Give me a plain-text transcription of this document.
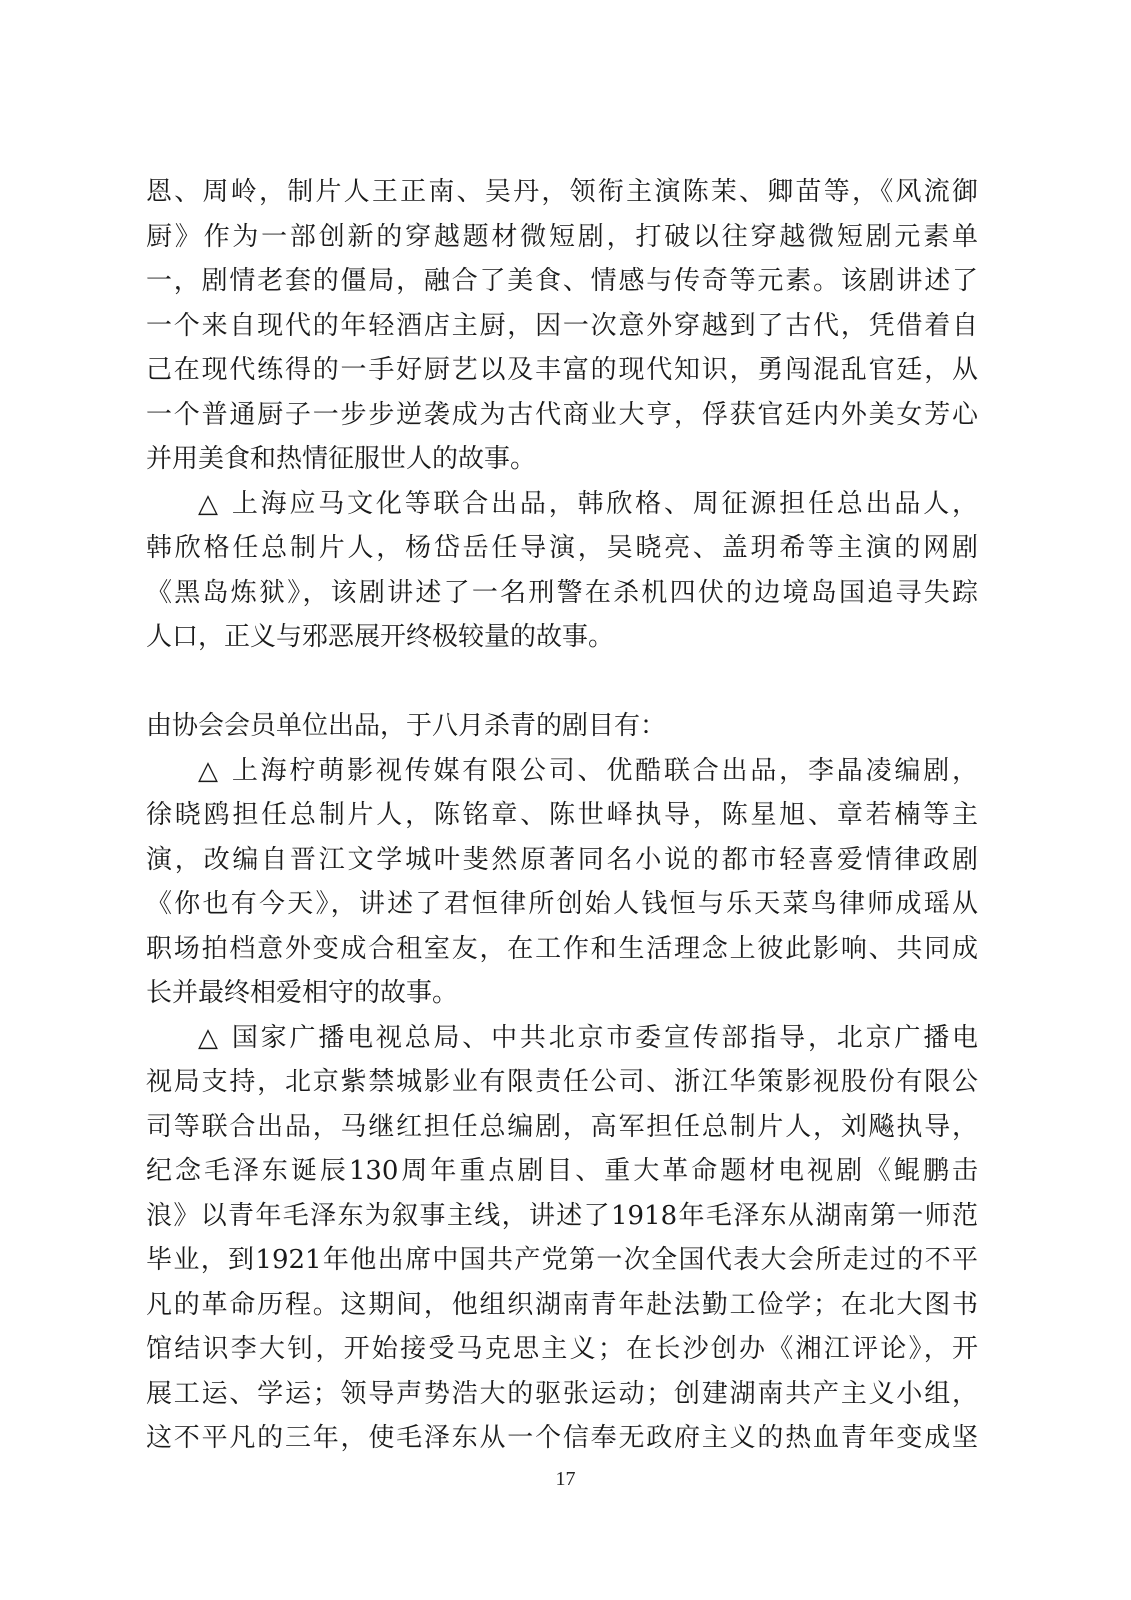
恩、周岭，制片人王正南、吴丹，领衔主演陈茉、卿苗等，《风流御
厨》作为一部创新的穿越题材微短剧，打破以往穿越微短剧元素单
一，剧情老套的僵局，融合了美食、情感与传奇等元素。该剧讲述了
一个来自现代的年轻酒店主厨，因一次意外穿越到了古代，凭借着自
己在现代练得的一手好厨艺以及丰富的现代知识，勇闯混乱官廷，从
一个普通厨子一步步逆袭成为古代商业大亨，俘获官廷内外美女芳心
并用美食和热情征服世人的故事。
△ 上海应马文化等联合出品，韩欣格、周征源担任总出品人，
韩欣格任总制片人，杨岱岳任导演，吴晓亮、盖玥希等主演的网剧
《黑岛炼狱》，该剧讲述了一名刑警在杀机四伏的边境岛国追寻失踪
人口，正义与邪恶展开终极较量的故事。
由协会会员单位出品，于八月杀青的剧目有：
△ 上海柠萌影视传媒有限公司、优酷联合出品，李晶凌编剧，
徐晓鸥担任总制片人，陈铭章、陈世峄执导，陈星旭、章若楠等主
演，改编自晋江文学城叶斐然原著同名小说的都市轻喜爱情律政剧
《你也有今天》，讲述了君恒律所创始人钱恒与乐天菜鸟律师成瑶从
职场拍档意外变成合租室友，在工作和生活理念上彼此影响、共同成
长并最终相爱相守的故事。
△ 国家广播电视总局、中共北京市委宣传部指导，北京广播电
视局支持，北京紫禁城影业有限责任公司、浙江华策影视股份有限公
司等联合出品，马继红担任总编剧，高军担任总制片人，刘飚执导，
纪念毛泽东诞辰130周年重点剧目、重大革命题材电视剧《鲲鹏击
浪》以青年毛泽东为叙事主线，讲述了1918年毛泽东从湖南第一师范
毕业，到1921年他出席中国共产党第一次全国代表大会所走过的不平
凡的革命历程。这期间，他组织湖南青年赴法勤工俭学；在北大图书
馆结识李大钊，开始接受马克思主义；在长沙创办《湘江评论》，开
展工运、学运；领导声势浩大的驱张运动；创建湖南共产主义小组，
这不平凡的三年，使毛泽东从一个信奉无政府主义的热血青年变成坚
17
